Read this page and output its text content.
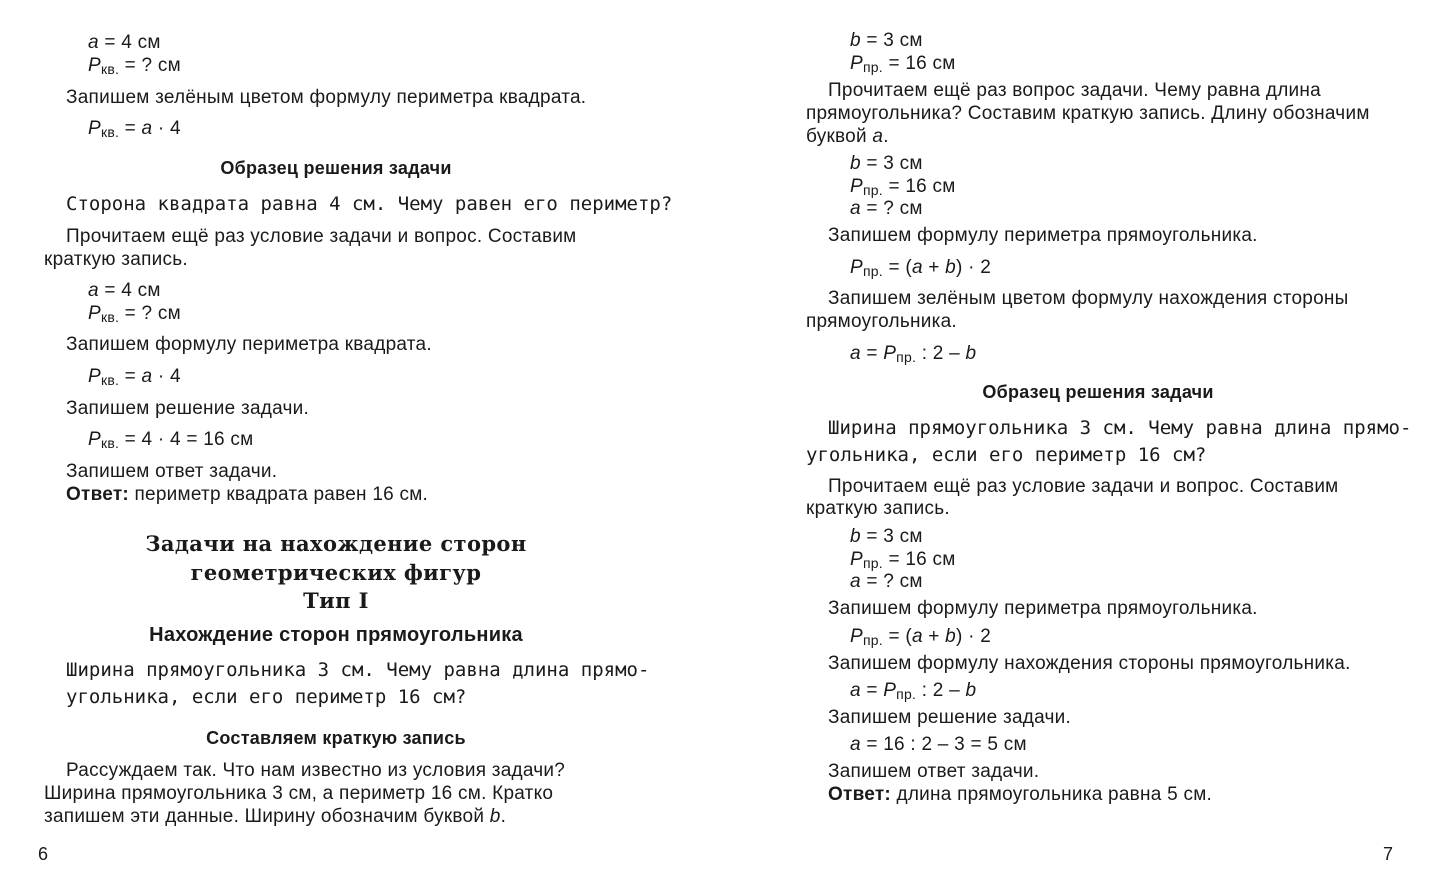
a = 4 см
$P_{кв.}$ = ? см
Запишем зелёным цветом формулу периметра квадрата.
$P_{кв.} = a \cdot 4$
Образец решения задачи
Сторона квадрата равна 4 см. Чему равен его периметр?
Прочитаем ещё раз условие задачи и вопрос. Составим
краткую запись.
a = 4 см
$P_{кв.}$ = ? см
Запишем формулу периметра квадрата.
$P_{кв.} = a \cdot 4$
Запишем решение задачи.
$P_{кв.} = 4 \cdot 4 = 16$ см
Запишем ответ задачи.
Ответ: периметр квадрата равен 16 см.
Задачи на нахождение сторон
геометрических фигур
Тип I
Нахождение сторон прямоугольника
Ширина прямоугольника 3 см. Чему равна длина прямо-
угольника, если его периметр 16 см?
Составляем краткую запись
Рассуждаем так. Что нам известно из условия задачи?
Ширина прямоугольника 3 см, а периметр 16 см. Кратко
запишем эти данные. Ширину обозначим буквой b.
6
b = 3 см
$P_{пр.} = 16$ см
Прочитаем ещё раз вопрос задачи. Чему равна длина
прямоугольника? Составим краткую запись. Длину обозначим
буквой a.
b = 3 см
$P_{пр.} = 16$ см
a = ? см
Запишем формулу периметра прямоугольника.
$P_{пр.} = (a + b) \cdot 2$
Запишем зелёным цветом формулу нахождения стороны
прямоугольника.
$a = P_{пр.}$ : 2 – b
Образец решения задачи
Ширина прямоугольника 3 см. Чему равна длина прямо-
угольника, если его периметр 16 см?
Прочитаем ещё раз условие задачи и вопрос. Составим
краткую запись.
b = 3 см
$P_{пр.} = 16$ см
a = ? см
Запишем формулу периметра прямоугольника.
$P_{пр.} = (a + b) \cdot 2$
Запишем формулу нахождения стороны прямоугольника.
$a = P_{пр.}$ : 2 – b
Запишем решение задачи.
a = 16 : 2 – 3 = 5 см
Запишем ответ задачи.
Ответ: длина прямоугольника равна 5 см.
7
